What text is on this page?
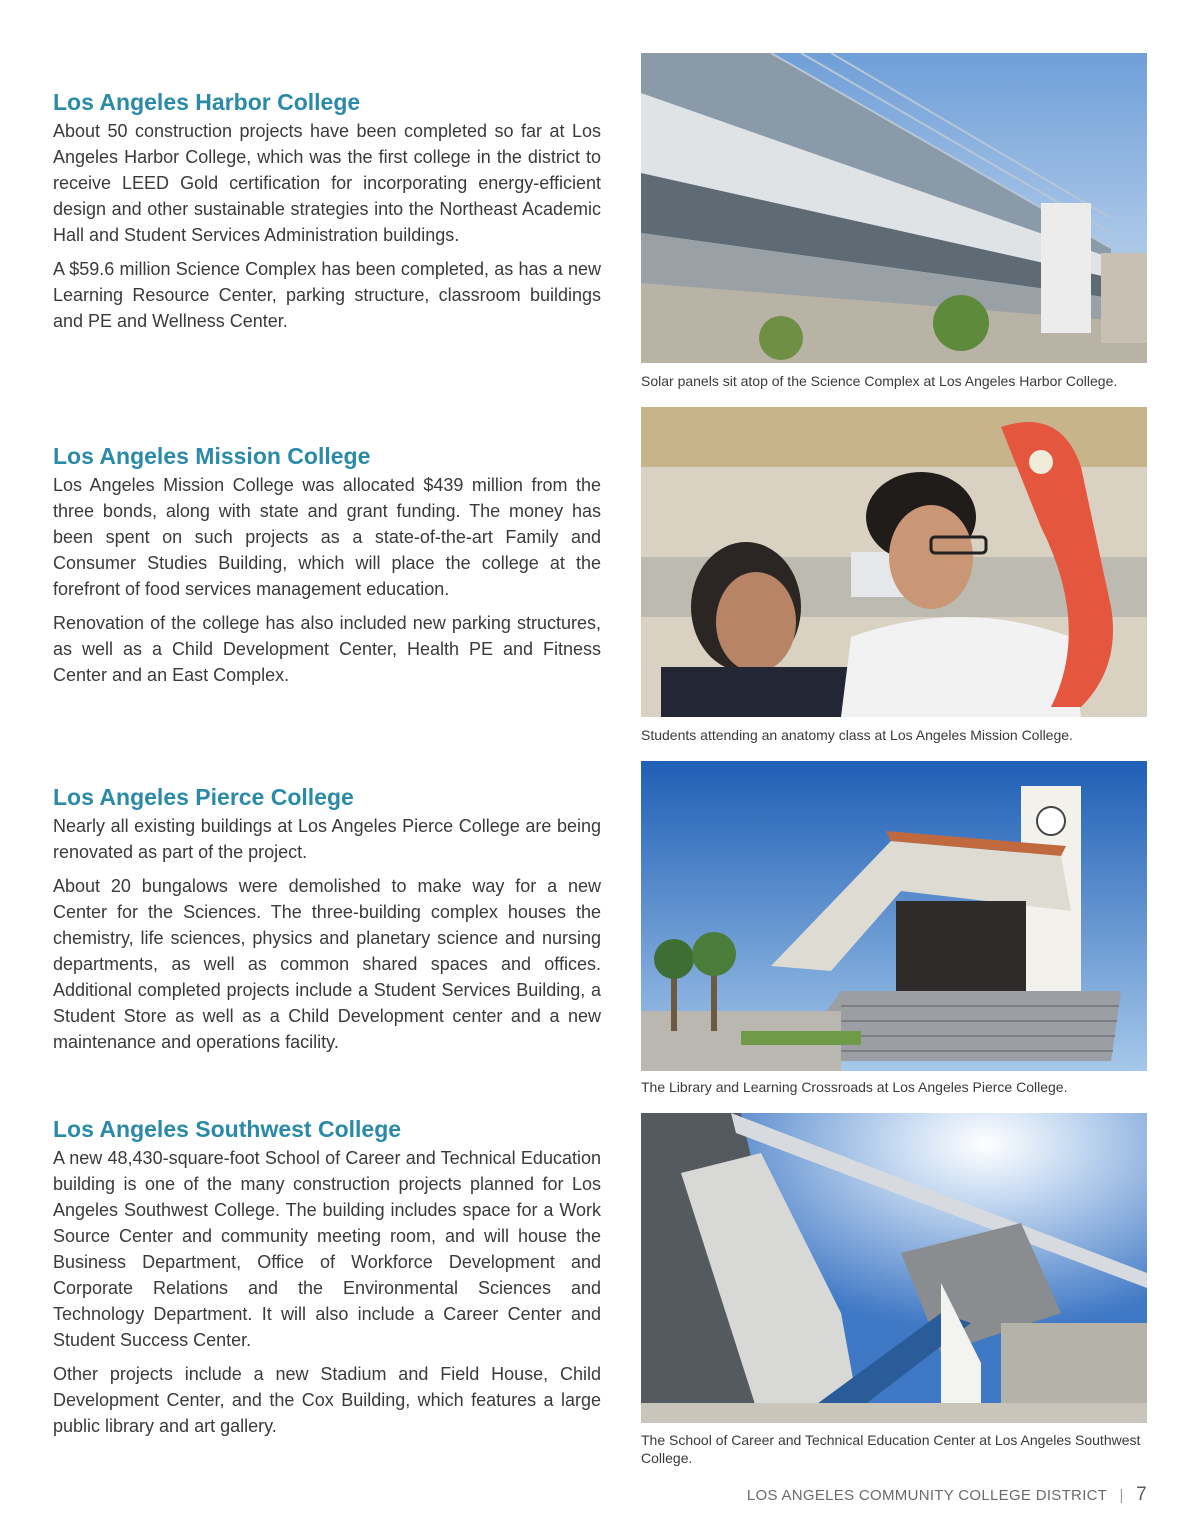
Los Angeles Harbor College

About 50 construction projects have been completed so far at Los Angeles Harbor College, which was the first college in the district to receive LEED Gold certification for incorporating energy-efficient design and other sustainable strategies into the Northeast Academic Hall and Student Services Administration buildings.

A $59.6 million Science Complex has been completed, as has a new Learning Resource Center, parking structure, classroom buildings and PE and Wellness Center.

Los Angeles Mission College

Los Angeles Mission College was allocated $439 million from the three bonds, along with state and grant funding. The money has been spent on such projects as a state-of-the-art Family and Consumer Studies Building, which will place the college at the forefront of food services management education.

Renovation of the college has also included new parking structures, as well as a Child Development Center, Health PE and Fitness Center and an East Complex.

Los Angeles Pierce College

Nearly all existing buildings at Los Angeles Pierce College are being renovated as part of the project.

About 20 bungalows were demolished to make way for a new Center for the Sciences. The three-building complex houses the chemistry, life sciences, physics and planetary science and nursing departments, as well as common shared spaces and offices. Additional completed projects include a Student Services Building, a Student Store as well as a Child Development center and a new maintenance and operations facility.

Los Angeles Southwest College

A new 48,430-square-foot School of Career and Technical Education building is one of the many construction projects planned for Los Angeles Southwest College. The building includes space for a Work Source Center and community meeting room, and will house the Business Department, Office of Workforce Development and Corporate Relations and the Environmental Sciences and Technology Department. It will also include a Career Center and Student Success Center.

Other projects include a new Stadium and Field House, Child Development Center, and the Cox Building, which features a large public library and art gallery.

Solar panels sit atop of the Science Complex at Los Angeles Harbor College.
Students attending an anatomy class at Los Angeles Mission College.
The Library and Learning Crossroads at Los Angeles Pierce College.
The School of Career and Technical Education Center at Los Angeles Southwest College.
LOS ANGELES COMMUNITY COLLEGE DISTRICT | 7
